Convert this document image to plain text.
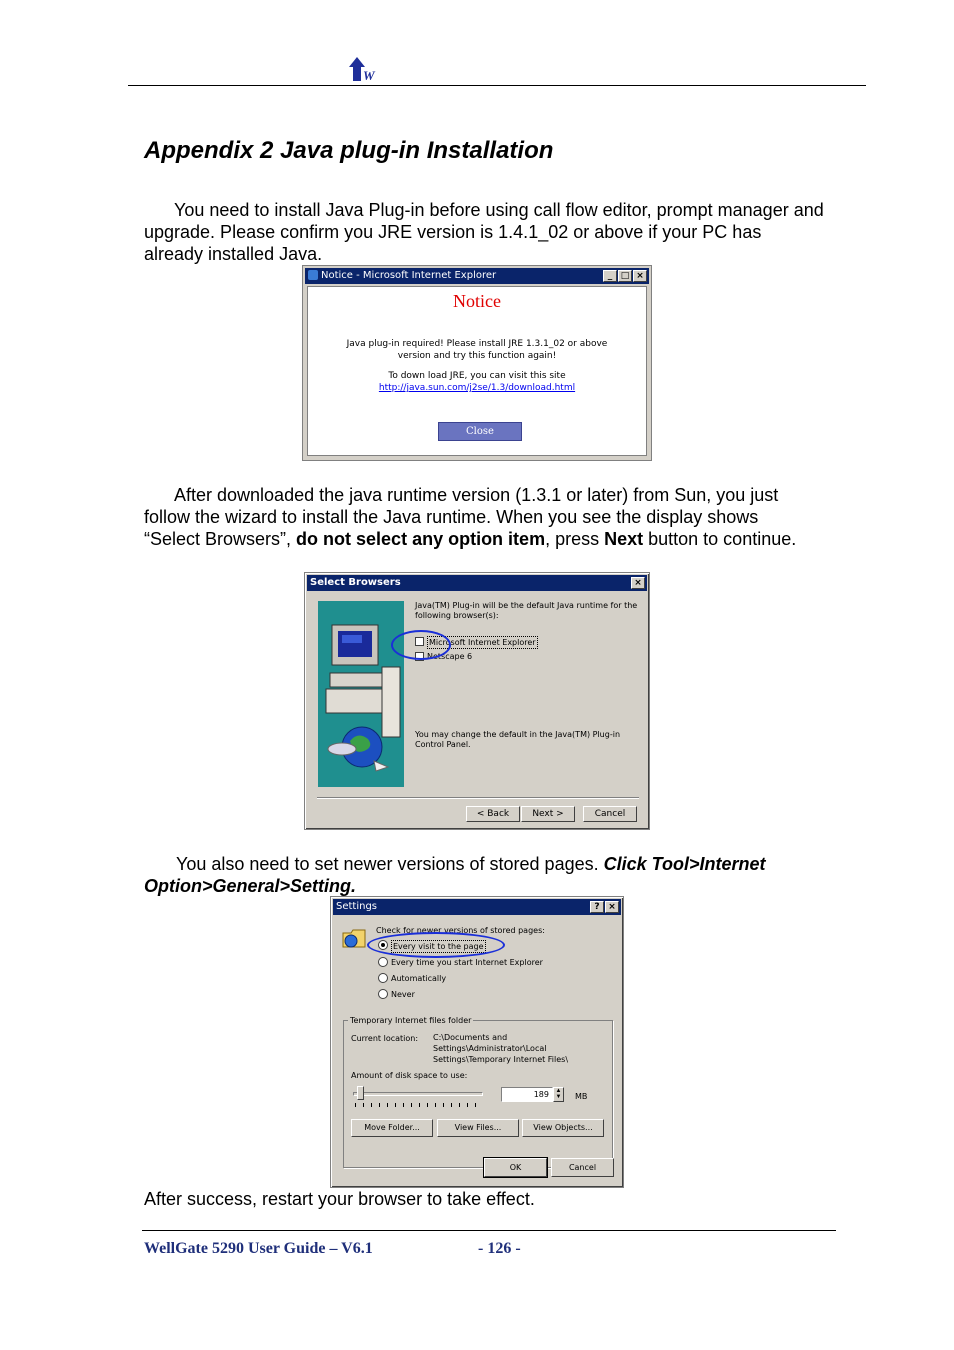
W
Appendix 2 Java plug-in Installation

You need to install Java Plug-in before using call flow editor, prompt manager and upgrade. Please confirm you JRE version is 1.4.1_02 or above if your PC has already installed Java.

Notice - Microsoft Internet Explorer	_ □ ×
Notice
Java plug-in required! Please install JRE 1.3.1_02 or above
version and try this function again!
To down load JRE, you can visit this site
http://java.sun.com/j2se/1.3/download.html
Close

After downloaded the java runtime version (1.3.1 or later) from Sun, you just follow the wizard to install the Java runtime. When you see the display shows “Select Browsers”, do not select any option item, press Next button to continue.

Select Browsers	×
Java(TM) Plug-in will be the default Java runtime for the following browser(s):
Microsoft Internet Explorer
Netscape 6
You may change the default in the Java(TM) Plug-in Control Panel.
< Back	Next >	Cancel

You also need to set newer versions of stored pages. Click Tool>Internet Option>General>Setting.

Settings	? ×
Check for newer versions of stored pages:
Every visit to the page
Every time you start Internet Explorer
Automatically
Never
Temporary Internet files folder
Current location: C:\Documents and
Settings\Administrator\Local
Settings\Temporary Internet Files\
Amount of disk space to use:
189	▲
▼	MB
Move Folder...	View Files...	View Objects...
OK	Cancel

After success, restart your browser to take effect.

WellGate 5290 User Guide – V6.1	- 126 -
